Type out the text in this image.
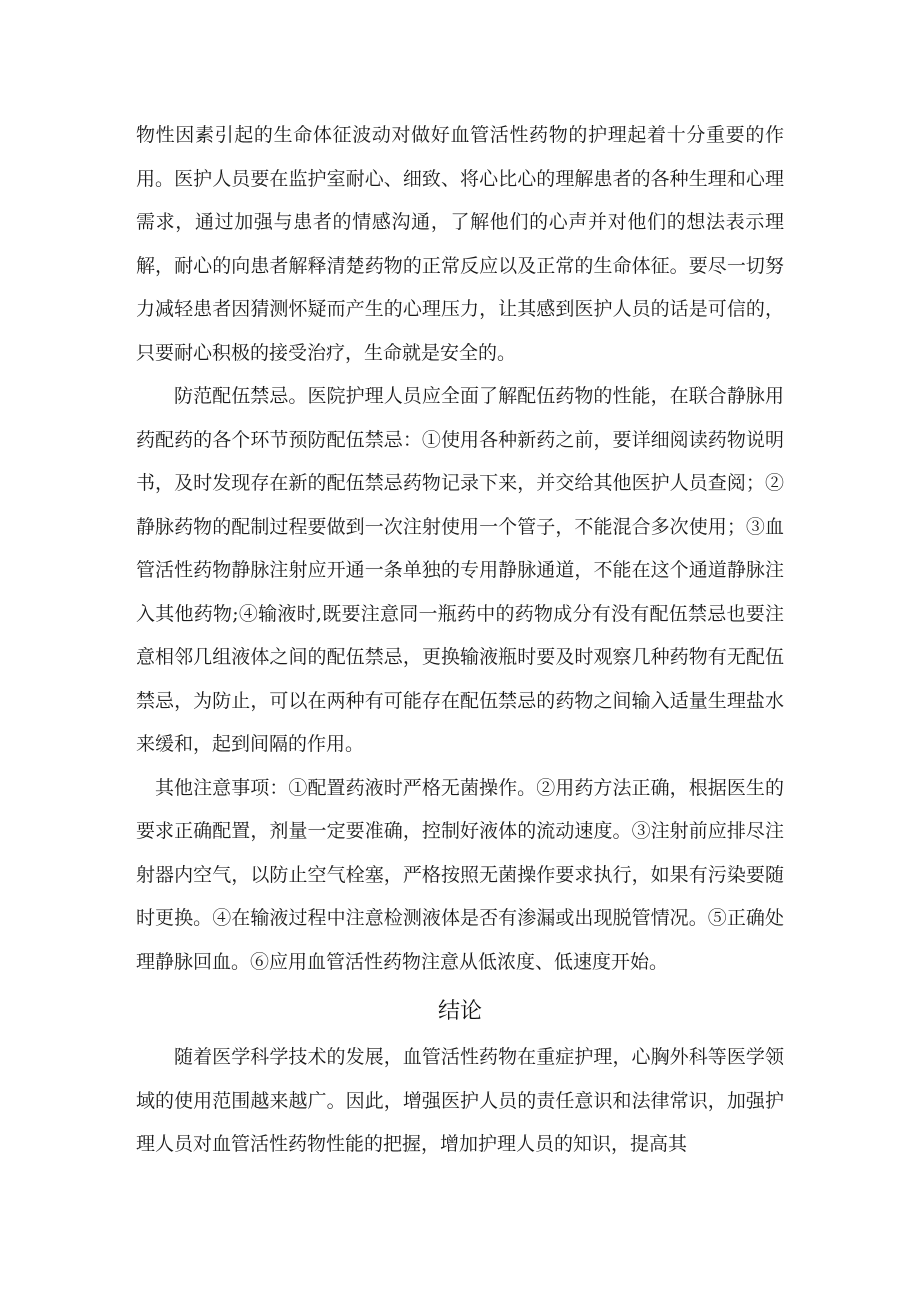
物性因素引起的生命体征波动对做好血管活性药物的护理起着十分重要的作用。医护人员要在监护室耐心、细致、将心比心的理解患者的各种生理和心理需求，通过加强与患者的情感沟通，了解他们的心声并对他们的想法表示理解，耐心的向患者解释清楚药物的正常反应以及正常的生命体征。要尽一切努力减轻患者因猜测怀疑而产生的心理压力，让其感到医护人员的话是可信的，只要耐心积极的接受治疗，生命就是安全的。

防范配伍禁忌。医院护理人员应全面了解配伍药物的性能，在联合静脉用药配药的各个环节预防配伍禁忌：①使用各种新药之前，要详细阅读药物说明书，及时发现存在新的配伍禁忌药物记录下来，并交给其他医护人员查阅；②静脉药物的配制过程要做到一次注射使用一个管子，不能混合多次使用；③血管活性药物静脉注射应开通一条单独的专用静脉通道，不能在这个通道静脉注入其他药物;④输液时,既要注意同一瓶药中的药物成分有没有配伍禁忌也要注意相邻几组液体之间的配伍禁忌，更换输液瓶时要及时观察几种药物有无配伍禁忌，为防止，可以在两种有可能存在配伍禁忌的药物之间输入适量生理盐水来缓和，起到间隔的作用。

其他注意事项：①配置药液时严格无菌操作。②用药方法正确，根据医生的要求正确配置，剂量一定要准确，控制好液体的流动速度。③注射前应排尽注射器内空气，以防止空气栓塞，严格按照无菌操作要求执行，如果有污染要随时更换。④在输液过程中注意检测液体是否有渗漏或出现脱管情况。⑤正确处理静脉回血。⑥应用血管活性药物注意从低浓度、低速度开始。

结论

随着医学科学技术的发展，血管活性药物在重症护理，心胸外科等医学领域的使用范围越来越广。因此，增强医护人员的责任意识和法律常识，加强护理人员对血管活性药物性能的把握，增加护理人员的知识，提高其
